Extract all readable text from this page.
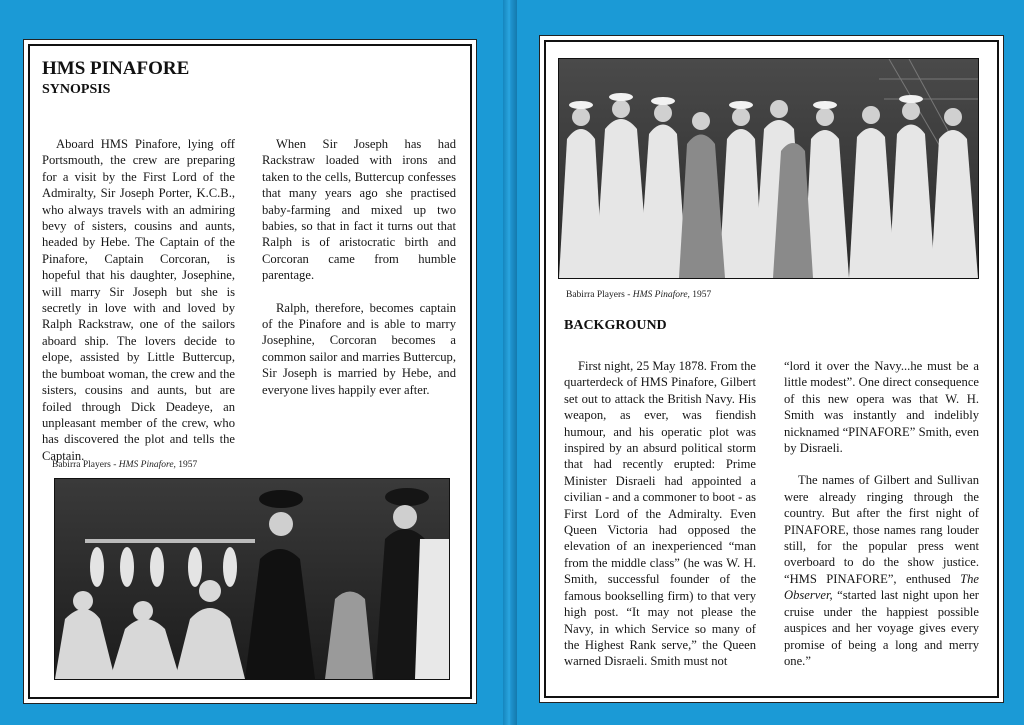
HMS PINAFORE
SYNOPSIS

Aboard HMS Pinafore, lying off Portsmouth, the crew are preparing for a visit by the First Lord of the Admiralty, Sir Joseph Porter, K.C.B., who always travels with an admiring bevy of sisters, cousins and aunts, headed by Hebe. The Captain of the Pinafore, Captain Corcoran, is hopeful that his daughter, Josephine, will marry Sir Joseph but she is secretly in love with and loved by Ralph Rackstraw, one of the sailors aboard ship. The lovers decide to elope, assisted by Little Buttercup, the bumboat woman, the crew and the sisters, cousins and aunts, but are foiled through Dick Deadeye, an unpleasant member of the crew, who has discovered the plot and tells the Captain.

When Sir Joseph has had Rackstraw loaded with irons and taken to the cells, Buttercup confesses that many years ago she practised baby-farming and mixed up two babies, so that in fact it turns out that Ralph is of aristocratic birth and Corcoran came from humble parentage.

Ralph, therefore, becomes captain of the Pinafore and is able to marry Josephine, Corcoran becomes a common sailor and marries Buttercup, Sir Joseph is married by Hebe, and everyone lives happily ever after.

Babirra Players - HMS Pinafore, 1957
Babirra Players - HMS Pinafore, 1957
BACKGROUND

First night, 25 May 1878. From the quarterdeck of HMS Pinafore, Gilbert set out to attack the British Navy. His weapon, as ever, was fiendish humour, and his operatic plot was inspired by an absurd political storm that had recently erupted: Prime Minister Disraeli had appointed a civilian - and a commoner to boot - as First Lord of the Admiralty. Even Queen Victoria had opposed the elevation of an inexperienced “man from the middle class” (he was W. H. Smith, successful founder of the famous bookselling firm) to that very high post. “It may not please the Navy, in which Service so many of the Highest Rank serve,” the Queen warned Disraeli. Smith must not

“lord it over the Navy...he must be a little modest”. One direct consequence of this new opera was that W. H. Smith was instantly and indelibly nicknamed “PINAFORE” Smith, even by Disraeli.

The names of Gilbert and Sullivan were already ringing through the country. But after the first night of PINAFORE, those names rang louder still, for the popular press went overboard to do the show justice. “HMS PINAFORE”, enthused The Observer, “started last night upon her cruise under the happiest possible auspices and her voyage gives every promise of being a long and merry one.”
